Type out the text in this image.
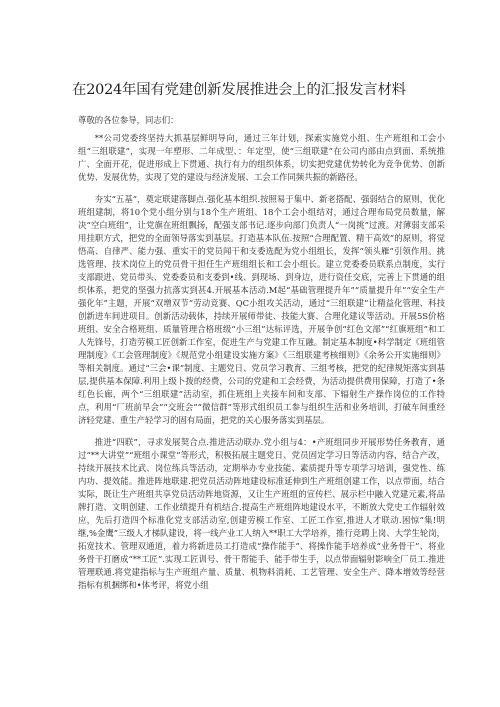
在2024年国有党建创新发展推进会上的汇报发言材料
尊敬的各位参导，同志们：

**公司党委终坚持大抓基层鲜明导向，通过三年计划，探索实施党小组、生产班组和工会小组“三组联建”，实现一年塑形、二年成型、：年定型，使“三组联建”在公司内部由点到面、系统推广、全面开花，促进形成上下贯通、执行有力的组织体系，切实把党建优势转化为竞争优势、创新优势、发展优势，实现了党的建设与经济发展、工会工作同频共振的新路径。

夯实“五基”，奠定联建落脚点.强化基本组织.按照易于集中、新老搭配、强弱结合的原则，优化班组建制，将10个党小组分别与18个生产班组、18个工会小组结对，通过合理布局党员数量，解决“空白班组”，让党旗在班组飘扬，配强支部书记.逐步向部门负责人“一岗挑”过渡。对薄弱支部采用挂职方式，把党的全面领导落实到基层。打造基本队伍.按照“合理配置、精干高效”的原则，将觉悟高、自律严、能力强、重实干的党员闻干和支委选配为党小组组长，发挥“领头雁”引领作用。挑选管理、技术岗位上的党员骨干担任生产班组组长和工会小组长。建立党委委员联系点制度，实行支部跟进、党员带头、党委委员和支委到•线、到现场、到身边，进行资任交底，完善上下贯通的组织体系，把党的坚强力抗落实到甚4.开展基本活动.M起“基础管理提升年”“质量提升年”“安全生产强化年”主题，开展“双增双节”劳动竞赛、QC小组攻关活动，通过“三组联建”让精益化管理、科技创新进车间进项目。创新活动载体，持续开展师带徒、技能大赛、合理化建议等活动。开展5S价格班组、安全合格班组、质量管理合格班级“小三组”达标评选，开展争创“红色文部”“红旗班组”和工人先锋号，打造劳模工匠创新工作室，促进生产与党建工作互融。制定基本制度•科学制定《班组管理制度》《工会管理制度》《规范党小组建设实施方案》《三组联建考核细则》《余务公开实施细则》等相关制度。通过“三会•课”制度、主题党日、党员学习教育、三组考核，把党的纪律规矩落实到基层,提供基本保障.利用上级卜拨的经费，公司的党建和工会经费，为活动提供费用保障，打造了•条红色长廊，两个“三组联建”活动室，抓住班组上夹接车间和支部、下辐射生产操作岗位的工作特点，利用“厂班前早会”“交班会”“微信群”等形式组织员工参与组织生活和业务培训，打破车间重经济轻党建、重生产轻学习的固有局面，把党的关心服务落实到基层。

推进“四联”，寻求发展契合点.推进活动联办.党小组与4：•产班组同步开展形势任务教育，通过“**大讲堂”“班组小课堂”等形式，积极拓展主题党日、党员固定学习日等活动内容，结合产改，持续开展技术比武、岗位练兵等活动，定期举办专业技能、素质提升等专项学习培训，强党性、练内功、提效能。推进阵地联建.把党员活动阵地建设标准延伸到生产班组创建工作，以点带面，结合实际，既让生产班组共享党员活动阵地资源，又让生产班组的宣传栏、展示栏中融入党建元素,将品牌打造、文明创建、工作业绩提升有机结合.提高生产班组阵地建设水平，不断放大党史工作辐射效应，先后打造四个标准化党支部活动室,创建劳模工作室、工匠工作室,推进人才联动.困惊“集!明继,%金鹰”三级人才梯队建设，将一线产业工人纳入**职工大学培养，推行竞聘上岗、大学生轮岗，拓宽技术、管理双通道，着力将新进员工打造成“操作能手”、将操作能手培养成“业务骨干”、将业务骨干打磨成“**工匠”.实现工匠训号、骨干帮能手、能手带生手，以点带面辐射影响全厂员工.推进管理联通.将党建指标与生产班组产量、质量、机物料消耗、工艺管理、安全生产、降本增效等经营指标有机捆绑和•体考评，将党小组
